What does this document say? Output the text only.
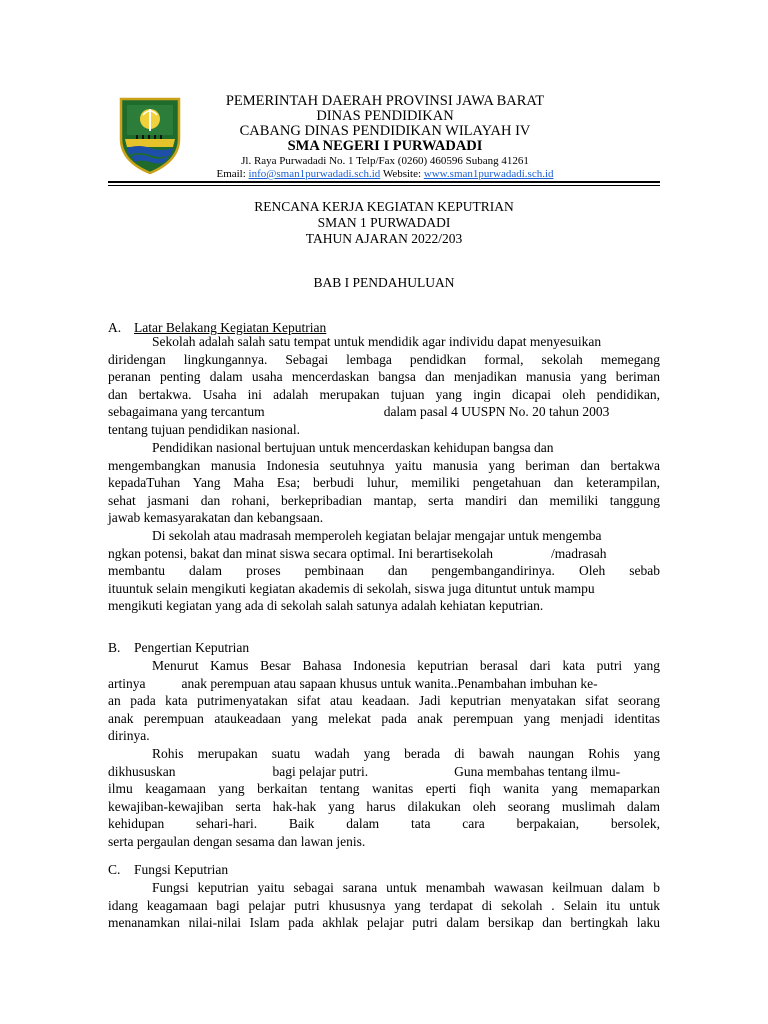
PEMERINTAH DAERAH PROVINSI JAWA BARAT
DINAS PENDIDIKAN
CABANG DINAS PENDIDIKAN WILAYAH IV
SMA NEGERI I PURWADADI
Jl. Raya Purwadadi No. 1 Telp/Fax (0260) 460596 Subang 41261
Email: info@sman1purwadadi.sch.id Website: www.sman1purwadadi.sch.id
RENCANA KERJA KEGIATAN KEPUTRIAN
SMAN 1 PURWADADI
TAHUN AJARAN 2022/203
BAB I PENDAHULUAN
A. Latar Belakang Kegiatan Keputrian

Sekolah adalah salah satu tempat untuk mendidik agar individu dapat menyesuikan

diridengan lingkungannya. Sebagai lembaga pendidkan formal, sekolah memegang

peranan penting dalam usaha mencerdaskan bangsa dan menjadikan manusia yang beriman

dan bertakwa. Usaha ini adalah merupakan tujuan yang ingin dicapai oleh pendidikan,

sebagaimana yang tercantum	dalam pasal 4 UUSPN No. 20 tahun 2003

tentang tujuan pendidikan nasional.

Pendidikan nasional bertujuan untuk mencerdaskan kehidupan bangsa dan

mengembangkan manusia Indonesia seutuhnya yaitu manusia yang beriman dan bertakwa

kepadaTuhan Yang Maha Esa; berbudi luhur, memiliki pengetahuan dan keterampilan,

sehat jasmani dan rohani, berkepribadian mantap, serta mandiri dan memiliki tanggung

jawab kemasyarakatan dan kebangsaan.

Di sekolah atau madrasah memperoleh kegiatan belajar mengajar untuk mengemba

ngkan potensi, bakat dan minat siswa secara optimal. Ini berartisekolah	/madrasah

membantu dalam proses pembinaan dan pengembangandirinya. Oleh sebab

ituuntuk selain mengikuti kegiatan akademis di sekolah, siswa juga dituntut untuk mampu

mengikuti kegiatan yang ada di sekolah salah satunya adalah kehiatan keputrian.

B. Pengertian Keputrian

Menurut Kamus Besar Bahasa Indonesia keputrian berasal dari kata putri yang

artinya	anak perempuan atau sapaan khusus untuk wanita..Penambahan imbuhan ke-

an pada kata putrimenyatakan sifat atau keadaan. Jadi keputrian menyatakan sifat seorang

anak perempuan ataukeadaan yang melekat pada anak perempuan yang menjadi identitas

dirinya.

Rohis merupakan suatu wadah yang berada di bawah naungan Rohis yang

dikhususkan	bagi pelajar putri.	Guna membahas tentang ilmu-

ilmu keagamaan yang berkaitan tentang wanitas eperti fiqh wanita yang memaparkan

kewajiban-kewajiban serta hak-hak yang harus dilakukan oleh seorang muslimah dalam

kehidupan sehari-hari. Baik dalam tata cara berpakaian, bersolek,

serta pergaulan dengan sesama dan lawan jenis.

C. Fungsi Keputrian

Fungsi keputrian yaitu sebagai sarana untuk menambah wawasan keilmuan dalam b

idang keagamaan bagi pelajar putri khususnya yang terdapat di sekolah . Selain itu untuk

menanamkan nilai-nilai Islam pada akhlak pelajar putri dalam bersikap dan bertingkah laku
